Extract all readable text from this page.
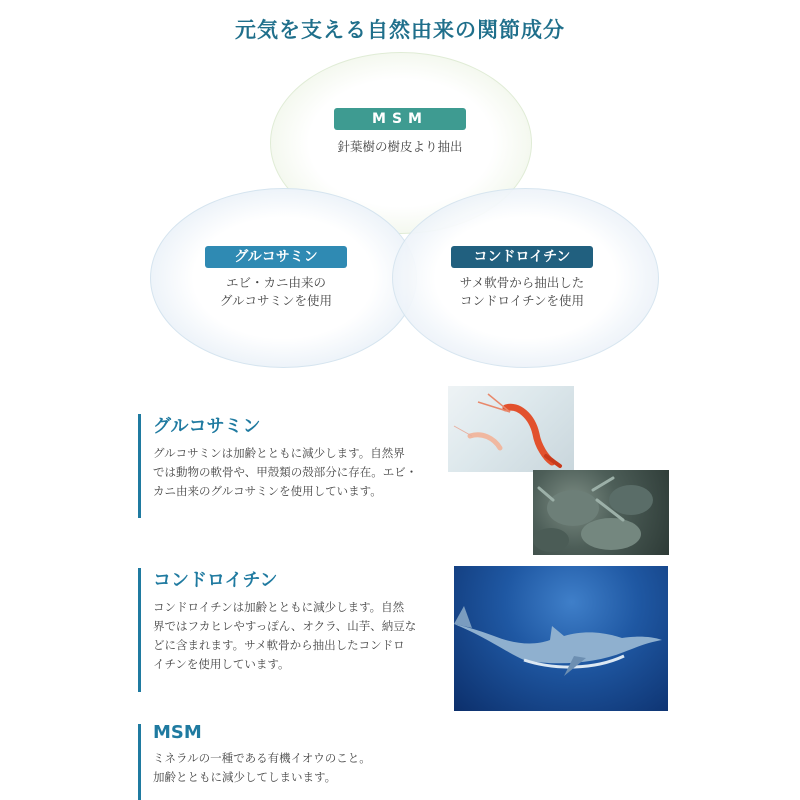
元気を支える自然由来の関節成分
MSM
針葉樹の樹皮より抽出
グルコサミン
エビ・カニ由来の
グルコサミンを使用
コンドロイチン
サメ軟骨から抽出した
コンドロイチンを使用
グルコサミン
グルコサミンは加齢とともに減少します。自然界
では動物の軟骨や、甲殻類の殻部分に存在。エビ・
カニ由来のグルコサミンを使用しています。
コンドロイチン
コンドロイチンは加齢とともに減少します。自然
界ではフカヒレやすっぽん、オクラ、山芋、納豆な
どに含まれます。サメ軟骨から抽出したコンドロ
イチンを使用しています。
MSM
ミネラルの一種である有機イオウのこと。
加齢とともに減少してしまいます。
